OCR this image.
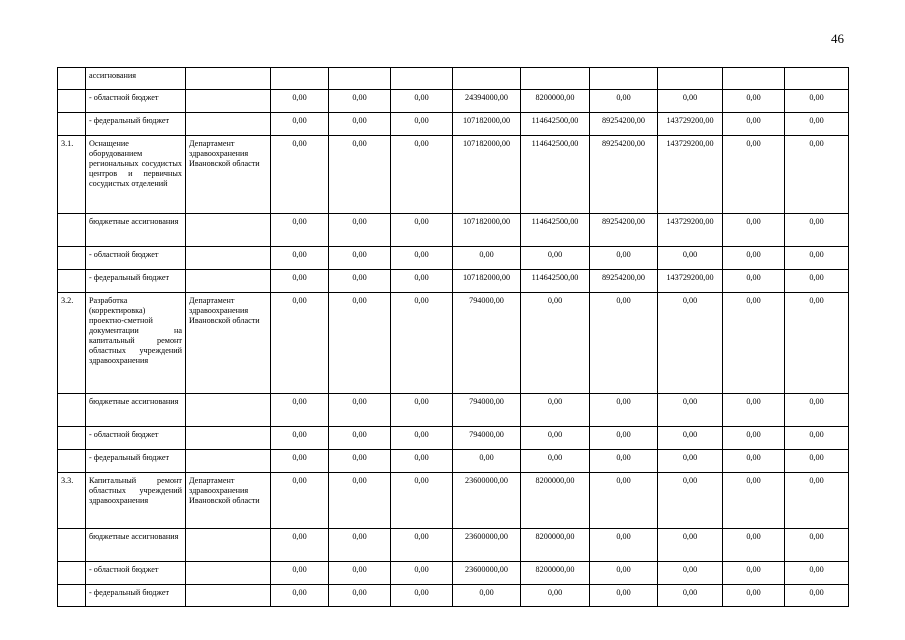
46
	ассигнования										
	- областной бюджет		0,00	0,00	0,00	24394000,00	8200000,00	0,00	0,00	0,00	0,00
	- федеральный бюджет		0,00	0,00	0,00	107182000,00	114642500,00	89254200,00	143729200,00	0,00	0,00
3.1.	Оснащение оборудованием региональных сосудистых центров и первичных сосудистых отделений	Департамент здравоохранения Ивановской области	0,00	0,00	0,00	107182000,00	114642500,00	89254200,00	143729200,00	0,00	0,00
	бюджетные ассигнования		0,00	0,00	0,00	107182000,00	114642500,00	89254200,00	143729200,00	0,00	0,00
	- областной бюджет		0,00	0,00	0,00	0,00	0,00	0,00	0,00	0,00	0,00
	- федеральный бюджет		0,00	0,00	0,00	107182000,00	114642500,00	89254200,00	143729200,00	0,00	0,00
3.2.	Разработка (корректировка) проектно-сметной документации на капитальный ремонт областных учреждений здравоохранения	Департамент здравоохранения Ивановской области	0,00	0,00	0,00	794000,00	0,00	0,00	0,00	0,00	0,00
	бюджетные ассигнования		0,00	0,00	0,00	794000,00	0,00	0,00	0,00	0,00	0,00
	- областной бюджет		0,00	0,00	0,00	794000,00	0,00	0,00	0,00	0,00	0,00
	- федеральный бюджет		0,00	0,00	0,00	0,00	0,00	0,00	0,00	0,00	0,00
3.3.	Капитальный ремонт областных учреждений здравоохранения	Департамент здравоохранения Ивановской области	0,00	0,00	0,00	23600000,00	8200000,00	0,00	0,00	0,00	0,00
	бюджетные ассигнования		0,00	0,00	0,00	23600000,00	8200000,00	0,00	0,00	0,00	0,00
	- областной бюджет		0,00	0,00	0,00	23600000,00	8200000,00	0,00	0,00	0,00	0,00
	- федеральный бюджет		0,00	0,00	0,00	0,00	0,00	0,00	0,00	0,00	0,00
